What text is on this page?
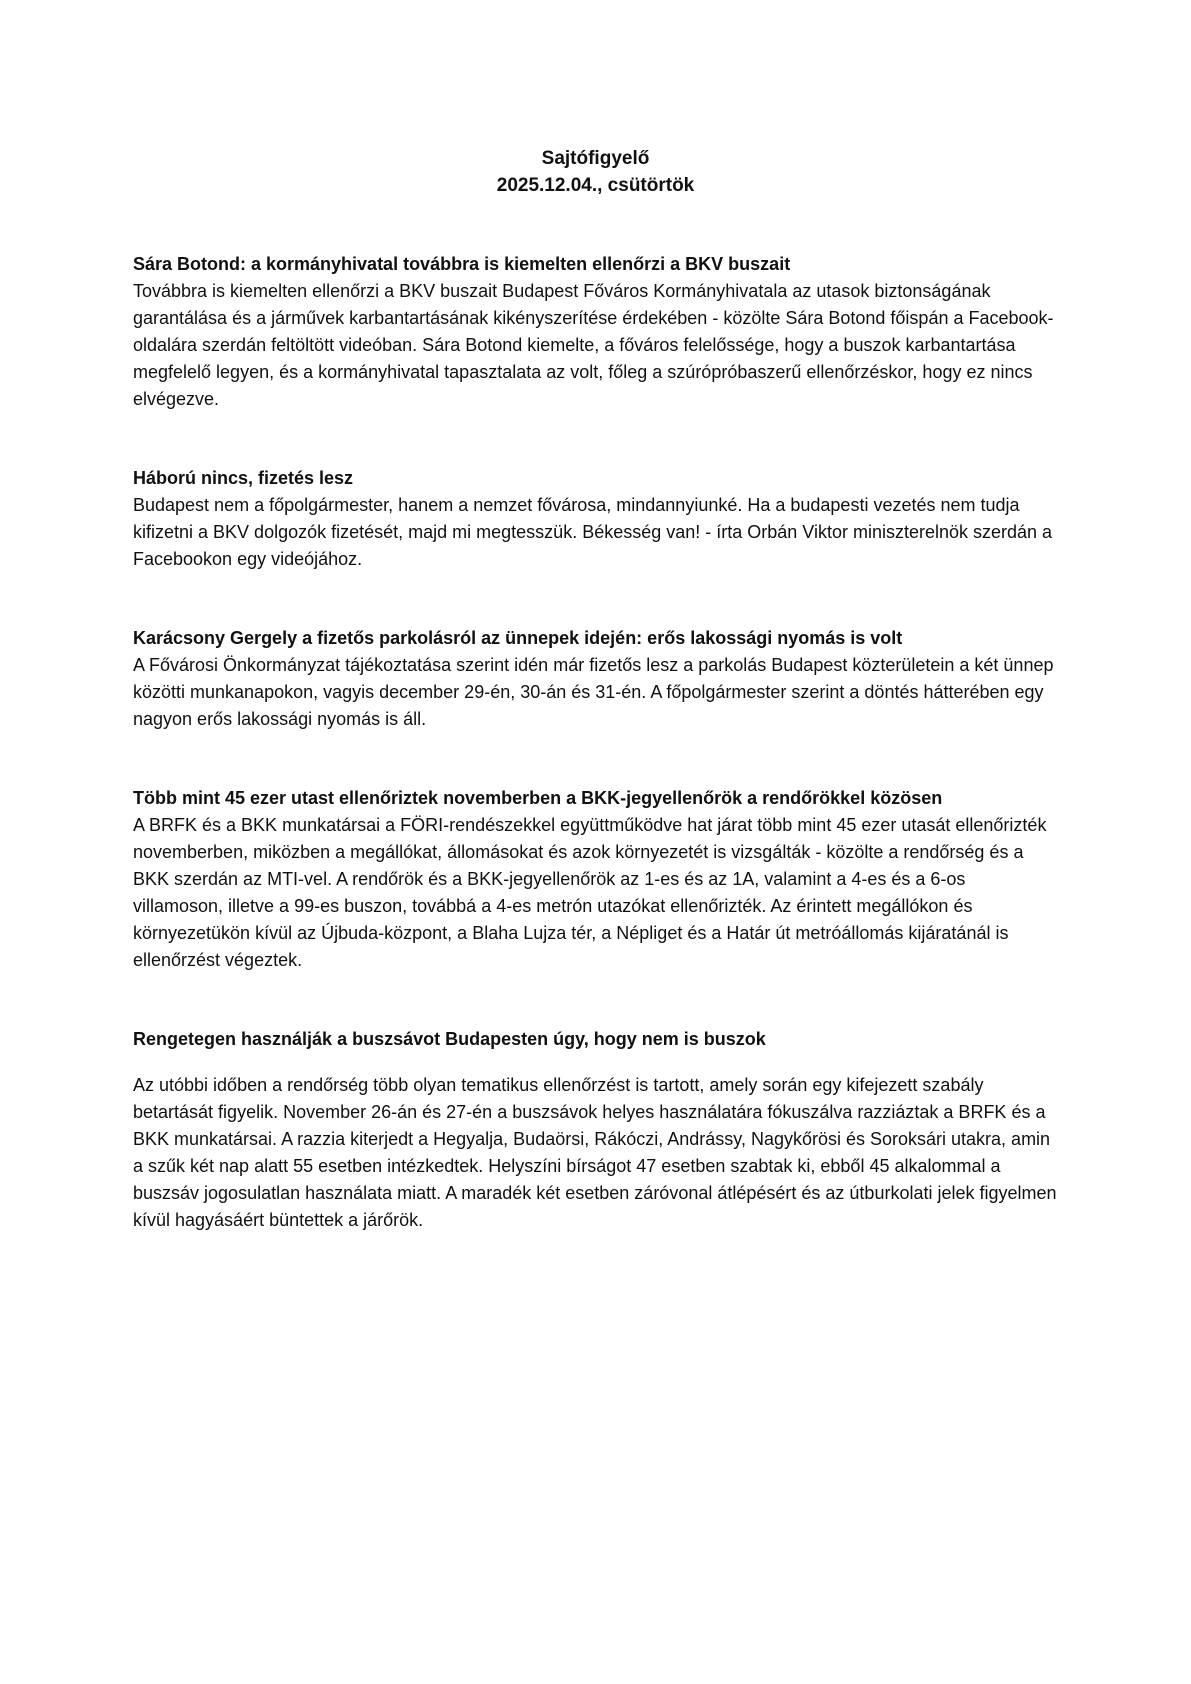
Sajtófigyelő
2025.12.04., csütörtök
Sára Botond: a kormányhivatal továbbra is kiemelten ellenőrzi a BKV buszait

Továbbra is kiemelten ellenőrzi a BKV buszait Budapest Főváros Kormányhivatala az utasok biztonságának garantálása és a járművek karbantartásának kikényszerítése érdekében - közölte Sára Botond főispán a Facebook-oldalára szerdán feltöltött videóban. Sára Botond kiemelte, a főváros felelőssége, hogy a buszok karbantartása megfelelő legyen, és a kormányhivatal tapasztalata az volt, főleg a szúrópróbaszerű ellenőrzéskor, hogy ez nincs elvégezve.

Háború nincs, fizetés lesz

Budapest nem a főpolgármester, hanem a nemzet fővárosa, mindannyiunké. Ha a budapesti vezetés nem tudja kifizetni a BKV dolgozók fizetését, majd mi megtesszük. Békesség van! - írta Orbán Viktor miniszterelnök szerdán a Facebookon egy videójához.

Karácsony Gergely a fizetős parkolásról az ünnepek idején: erős lakossági nyomás is volt

A Fővárosi Önkormányzat tájékoztatása szerint idén már fizetős lesz a parkolás Budapest közterületein a két ünnep közötti munkanapokon, vagyis december 29-én, 30-án és 31-én. A főpolgármester szerint a döntés hátterében egy nagyon erős lakossági nyomás is áll.

Több mint 45 ezer utast ellenőriztek novemberben a BKK-jegyellenőrök a rendőrökkel közösen

A BRFK és a BKK munkatársai a FÖRI-rendészekkel együttműködve hat járat több mint 45 ezer utasát ellenőrizték novemberben, miközben a megállókat, állomásokat és azok környezetét is vizsgálták - közölte a rendőrség és a BKK szerdán az MTI-vel. A rendőrök és a BKK-jegyellenőrök az 1-es és az 1A, valamint a 4-es és a 6-os villamoson, illetve a 99-es buszon, továbbá a 4-es metrón utazókat ellenőrizték. Az érintett megállókon és környezetükön kívül az Újbuda-központ, a Blaha Lujza tér, a Népliget és a Határ út metróállomás kijáratánál is ellenőrzést végeztek.

Rengetegen használják a buszsávot Budapesten úgy, hogy nem is buszok

Az utóbbi időben a rendőrség több olyan tematikus ellenőrzést is tartott, amely során egy kifejezett szabály betartását figyelik. November 26-án és 27-én a buszsávok helyes használatára fókuszálva razziáztak a BRFK és a BKK munkatársai. A razzia kiterjedt a Hegyalja, Budaörsi, Rákóczi, Andrássy, Nagykőrösi és Soroksári utakra, amin a szűk két nap alatt 55 esetben intézkedtek. Helyszíni bírságot 47 esetben szabtak ki, ebből 45 alkalommal a buszsáv jogosulatlan használata miatt. A maradék két esetben záróvonal átlépésért és az útburkolati jelek figyelmen kívül hagyásáért büntettek a járőrök.
